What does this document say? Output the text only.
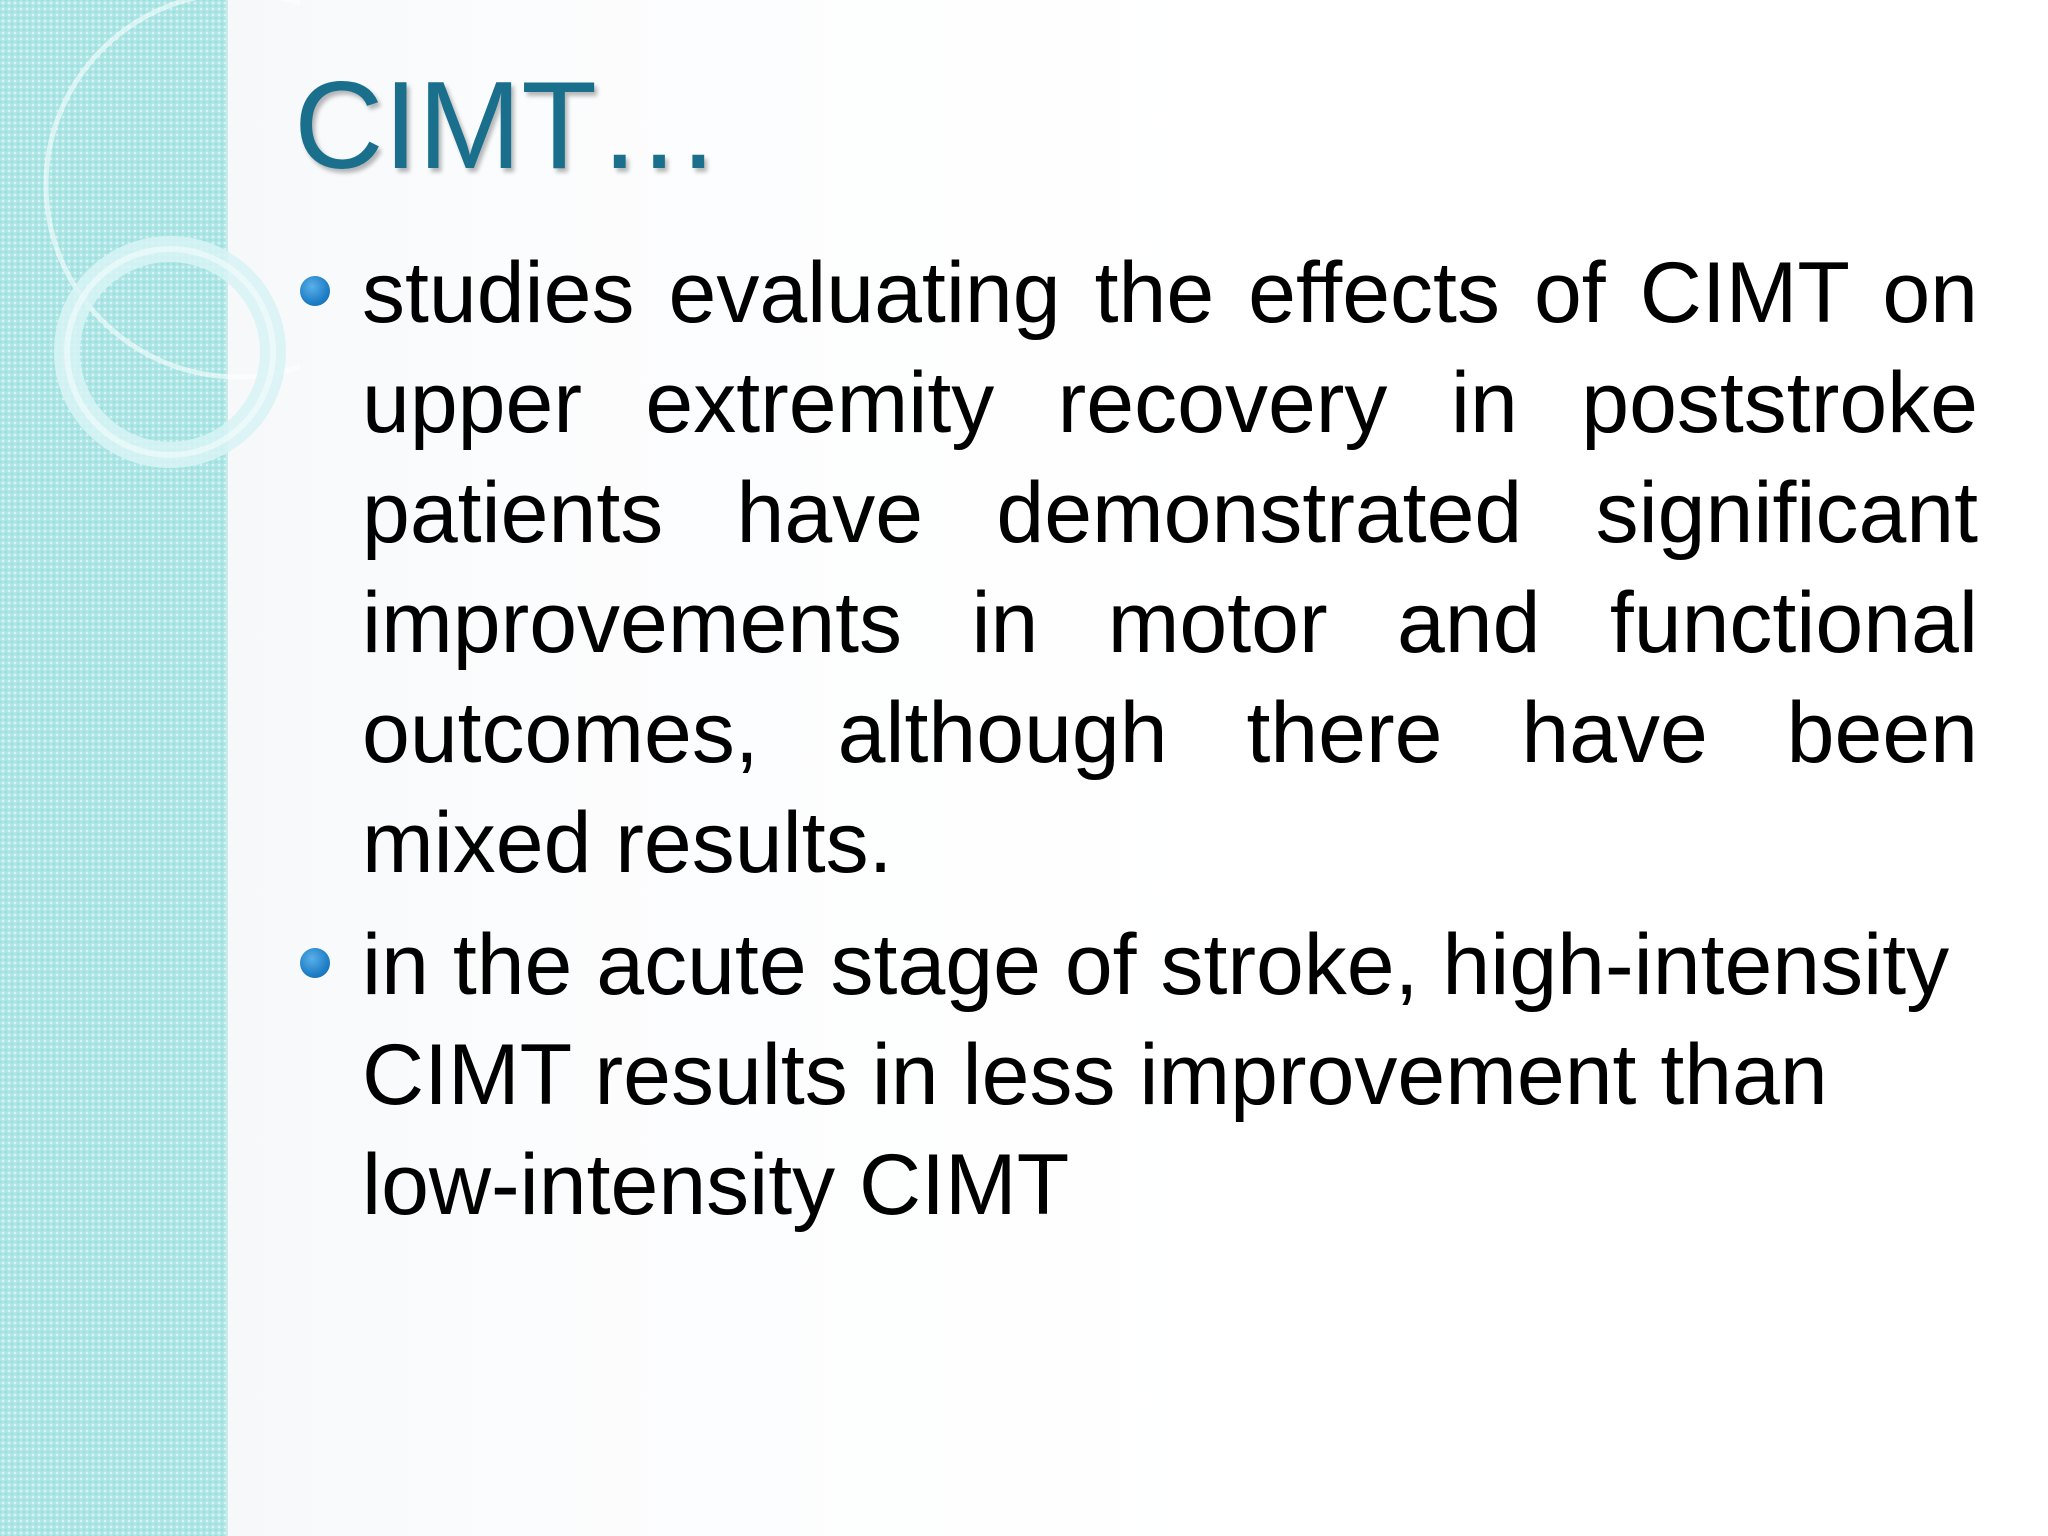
CIMT…
studies evaluating the effects of CIMT on upper extremity recovery in poststroke patients have demonstrated significant improvements in motor and functional outcomes, although there have been mixed results.
in the acute stage of stroke, high-intensity CIMT results in less improvement than low-intensity CIMT
